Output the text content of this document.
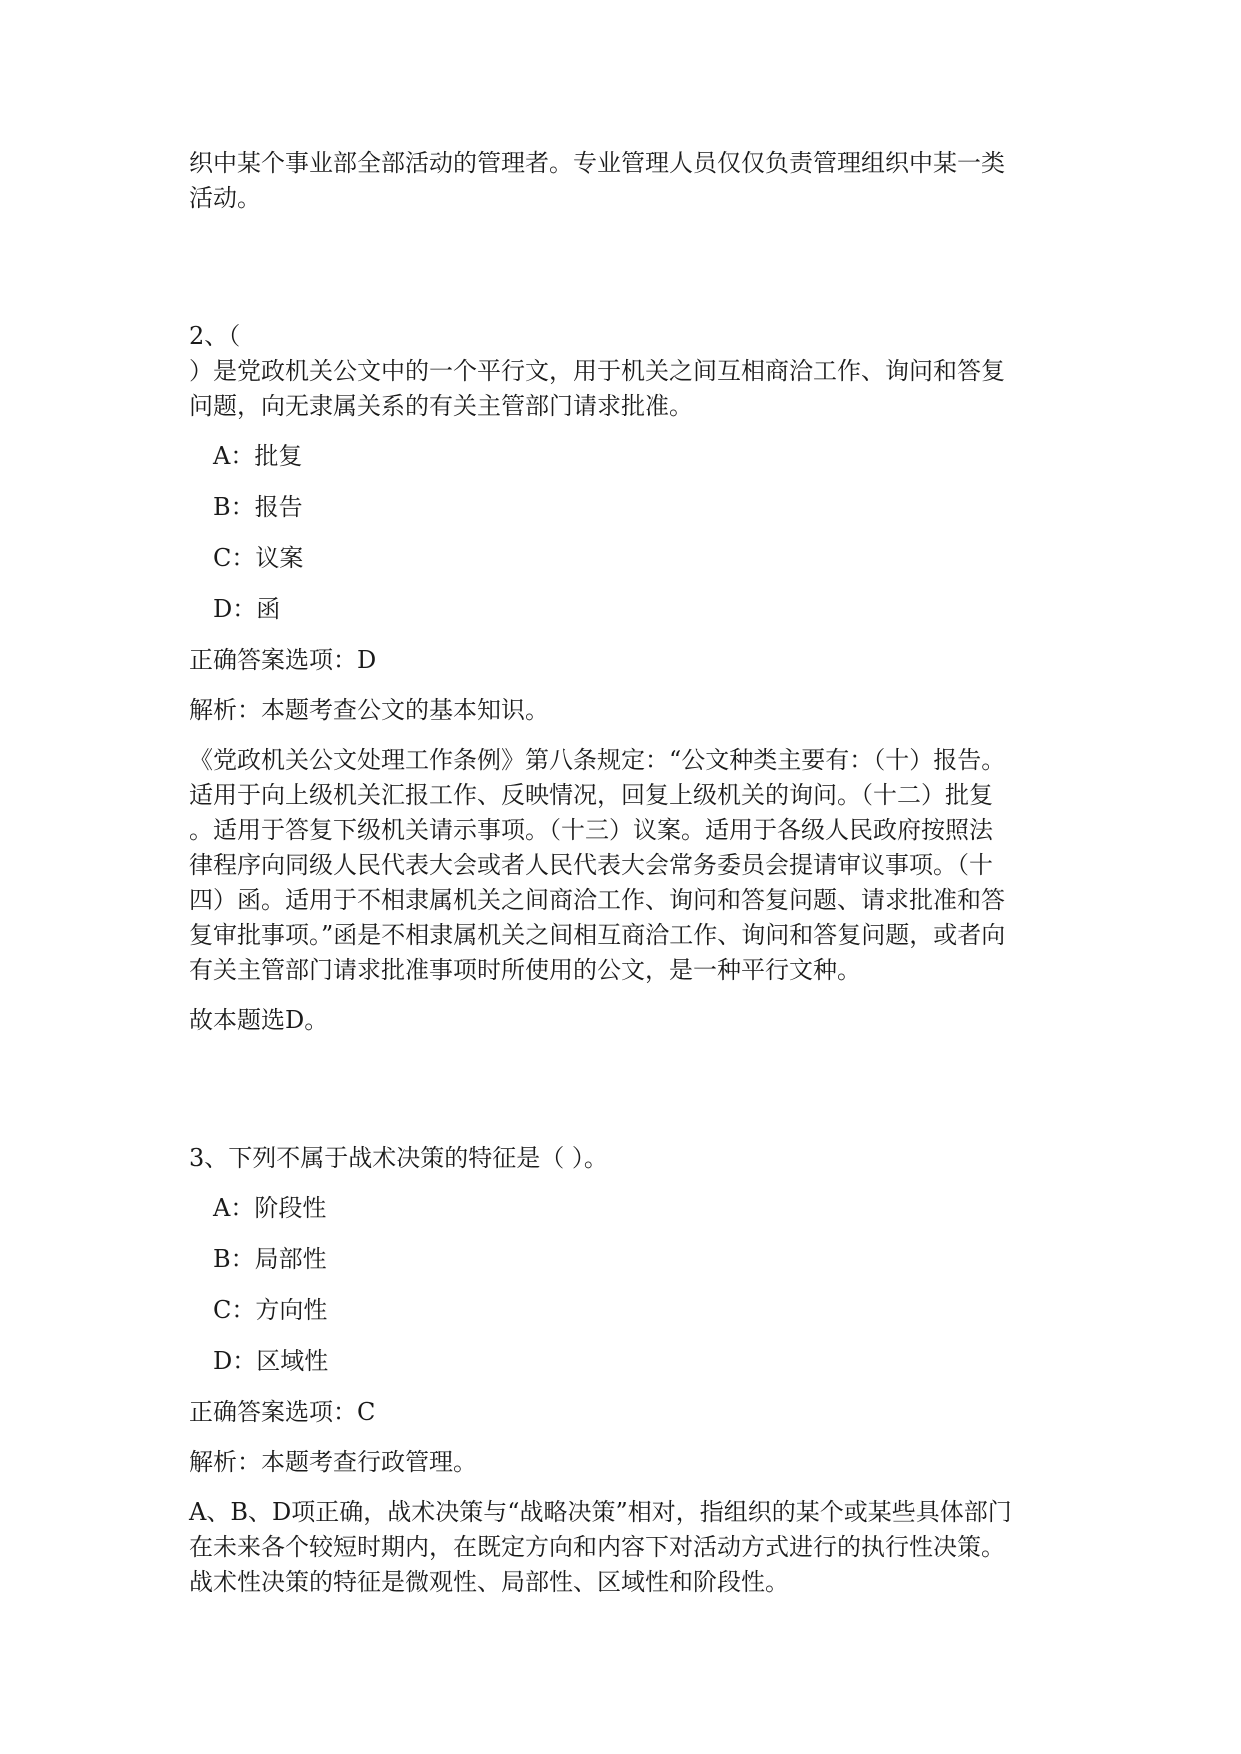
织中某个事业部全部活动的管理者。专业管理人员仅仅负责管理组织中某一类
活动。
2、（
）是党政机关公文中的一个平行文，用于机关之间互相商洽工作、询问和答复
问题，向无隶属关系的有关主管部门请求批准。
A： 批复
B： 报告
C： 议案
D： 函
正确答案选项：D
解析：本题考查公文的基本知识。
《党政机关公文处理工作条例》第八条规定：“公文种类主要有：（十）报告。
适用于向上级机关汇报工作、反映情况，回复上级机关的询问。（十二）批复
。适用于答复下级机关请示事项。（十三）议案。适用于各级人民政府按照法
律程序向同级人民代表大会或者人民代表大会常务委员会提请审议事项。（十
四）函。适用于不相隶属机关之间商洽工作、询问和答复问题、请求批准和答
复审批事项。”函是不相隶属机关之间相互商洽工作、询问和答复问题，或者向
有关主管部门请求批准事项时所使用的公文，是一种平行文种。
故本题选D。
3、下列不属于战术决策的特征是（ ）。
A： 阶段性
B： 局部性
C： 方向性
D： 区域性
正确答案选项：C
解析：本题考查行政管理。
A、B、D项正确，战术决策与“战略决策”相对，指组织的某个或某些具体部门
在未来各个较短时期内，在既定方向和内容下对活动方式进行的执行性决策。
战术性决策的特征是微观性、局部性、区域性和阶段性。
